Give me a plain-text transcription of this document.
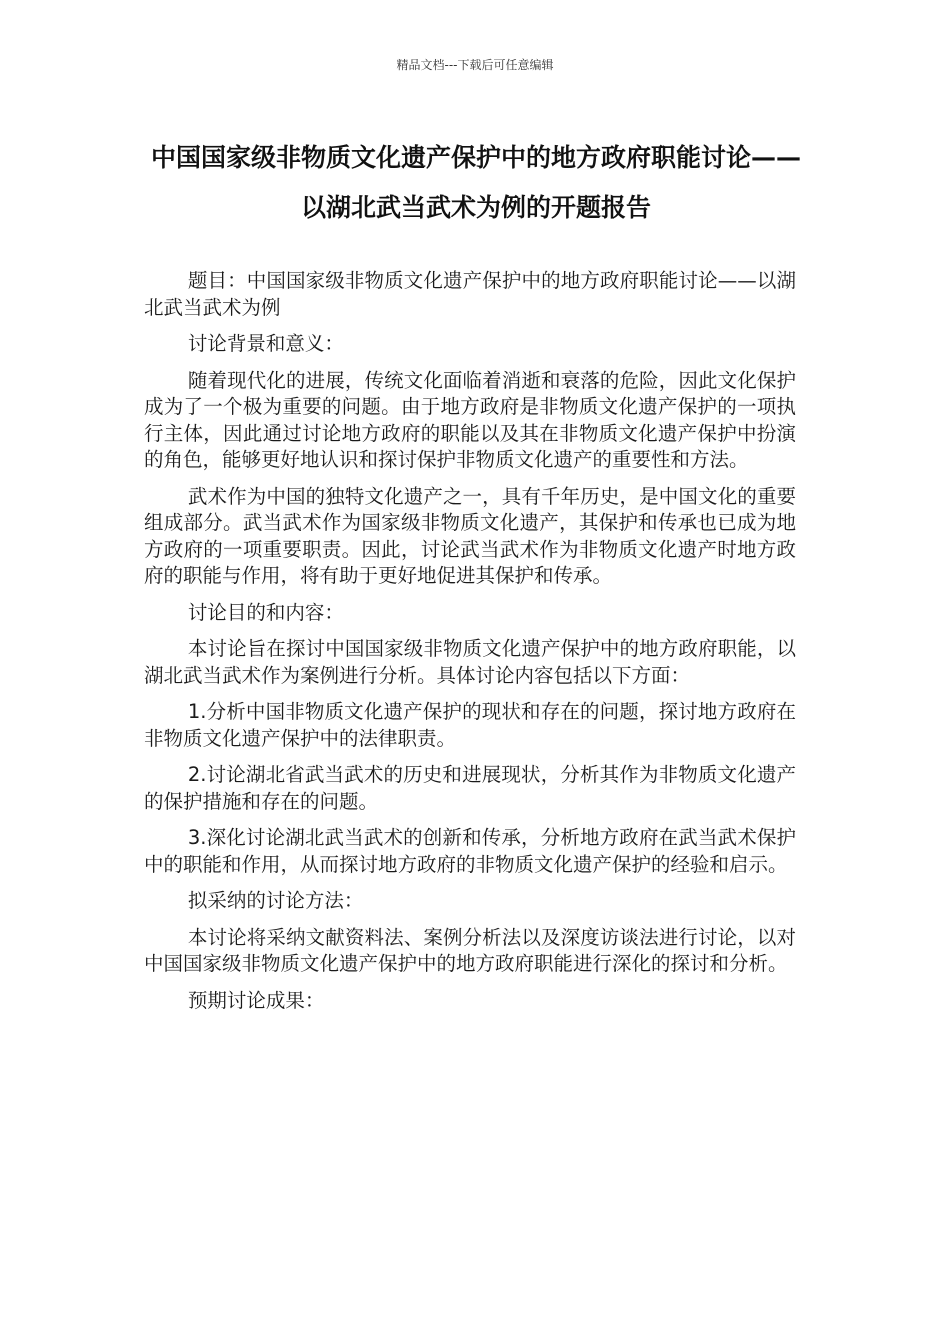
精品文档---下载后可任意编辑
中国国家级非物质文化遗产保护中的地方政府职能讨论——以湖北武当武术为例的开题报告

题目：中国国家级非物质文化遗产保护中的地方政府职能讨论——以湖北武当武术为例

讨论背景和意义：

随着现代化的进展，传统文化面临着消逝和衰落的危险，因此文化保护成为了一个极为重要的问题。由于地方政府是非物质文化遗产保护的一项执行主体，因此通过讨论地方政府的职能以及其在非物质文化遗产保护中扮演的角色，能够更好地认识和探讨保护非物质文化遗产的重要性和方法。

武术作为中国的独特文化遗产之一，具有千年历史，是中国文化的重要组成部分。武当武术作为国家级非物质文化遗产，其保护和传承也已成为地方政府的一项重要职责。因此，讨论武当武术作为非物质文化遗产时地方政府的职能与作用，将有助于更好地促进其保护和传承。

讨论目的和内容：

本讨论旨在探讨中国国家级非物质文化遗产保护中的地方政府职能，以湖北武当武术作为案例进行分析。具体讨论内容包括以下方面：

1.分析中国非物质文化遗产保护的现状和存在的问题，探讨地方政府在非物质文化遗产保护中的法律职责。

2.讨论湖北省武当武术的历史和进展现状，分析其作为非物质文化遗产的保护措施和存在的问题。

3.深化讨论湖北武当武术的创新和传承，分析地方政府在武当武术保护中的职能和作用，从而探讨地方政府的非物质文化遗产保护的经验和启示。

拟采纳的讨论方法：

本讨论将采纳文献资料法、案例分析法以及深度访谈法进行讨论，以对中国国家级非物质文化遗产保护中的地方政府职能进行深化的探讨和分析。

预期讨论成果：
